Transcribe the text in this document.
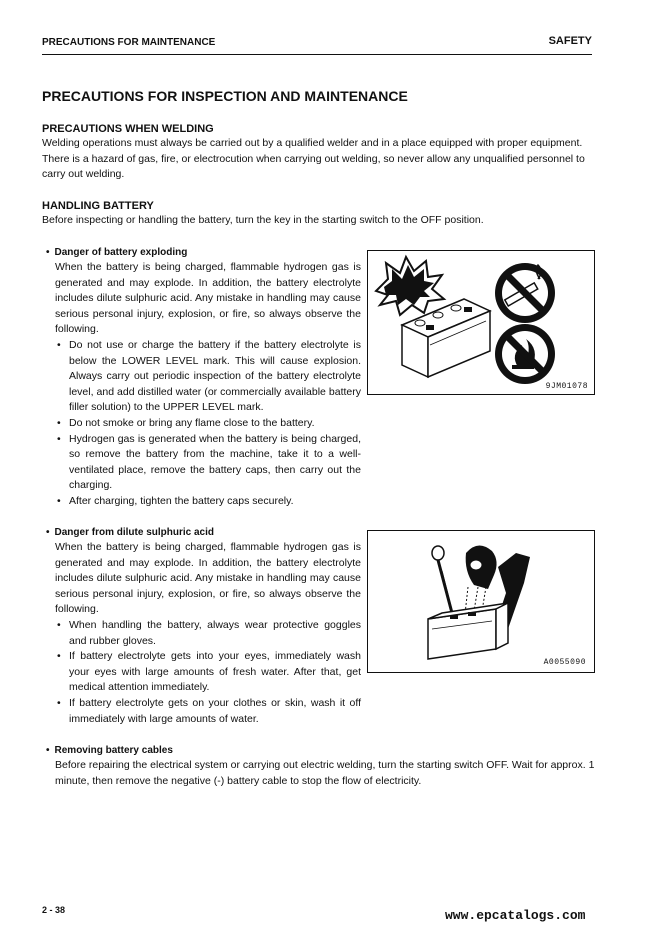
PRECAUTIONS FOR MAINTENANCE	SAFETY
PRECAUTIONS FOR INSPECTION AND MAINTENANCE
PRECAUTIONS WHEN WELDING
Welding operations must always be carried out by a qualified welder and in a place equipped with proper equipment. There is a hazard of gas, fire, or electrocution when carrying out welding, so never allow any unqualified personnel to carry out welding.
HANDLING BATTERY
Before inspecting or handling the battery, turn the key in the starting switch to the OFF position.
• Danger of battery exploding

When the battery is being charged, flammable hydrogen gas is generated and may explode. In addition, the battery electrolyte includes dilute sulphuric acid. Any mistake in handling may cause serious personal injury, explosion, or fire, so always observe the following.

• Do not use or charge the battery if the battery electrolyte is below the LOWER LEVEL mark. This will cause explosion. Always carry out periodic inspection of the battery electrolyte level, and add distilled water (or commercially available battery filler solution) to the UPPER LEVEL mark.
• Do not smoke or bring any flame close to the battery.
• Hydrogen gas is generated when the battery is being charged, so remove the battery from the machine, take it to a well-ventilated place, remove the battery caps, then carry out the charging.
• After charging, tighten the battery caps securely.
9JM01078
• Danger from dilute sulphuric acid

When the battery is being charged, flammable hydrogen gas is generated and may explode. In addition, the battery electrolyte includes dilute sulphuric acid. Any mistake in handling may cause serious personal injury, explosion, or fire, so always observe the following.

• When handling the battery, always wear protective goggles and rubber gloves.
• If battery electrolyte gets into your eyes, immediately wash your eyes with large amounts of fresh water. After that, get medical attention immediately.
• If battery electrolyte gets on your clothes or skin, wash it off immediately with large amounts of water.
A0055090
• Removing battery cables
Before repairing the electrical system or carrying out electric welding, turn the starting switch OFF. Wait for approx. 1 minute, then remove the negative (-) battery cable to stop the flow of electricity.
2 - 38	www.epcatalogs.com
